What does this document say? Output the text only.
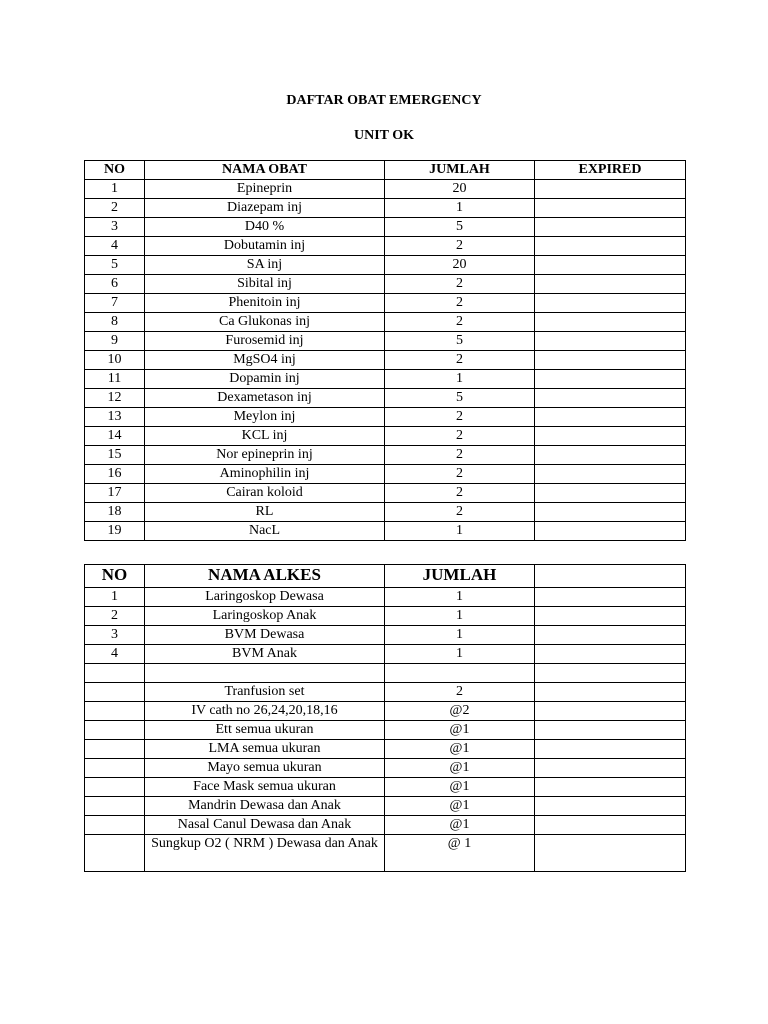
DAFTAR OBAT EMERGENCY
UNIT OK
NO	NAMA OBAT	JUMLAH	EXPIRED
1	Epineprin	20	
2	Diazepam inj	1	
3	D40 %	5	
4	Dobutamin inj	2	
5	SA inj	20	
6	Sibital inj	2	
7	Phenitoin inj	2	
8	Ca Glukonas inj	2	
9	Furosemid inj	5	
10	MgSO4 inj	2	
11	Dopamin inj	1	
12	Dexametason inj	5	
13	Meylon inj	2	
14	KCL inj	2	
15	Nor epineprin inj	2	
16	Aminophilin inj	2	
17	Cairan koloid	2	
18	RL	2	
19	NacL	1	
NO	NAMA ALKES	JUMLAH	
1	Laringoskop Dewasa	1	
2	Laringoskop Anak	1	
3	BVM Dewasa	1	
4	BVM Anak	1	

	Tranfusion set	2	
	IV cath no 26,24,20,18,16	@2	
	Ett semua ukuran	@1	
	LMA semua ukuran	@1	
	Mayo semua ukuran	@1	
	Face Mask semua ukuran	@1	
	Mandrin Dewasa dan Anak	@1	
	Nasal Canul Dewasa dan Anak	@1	
	Sungkup O2 ( NRM ) Dewasa dan Anak	@ 1	
